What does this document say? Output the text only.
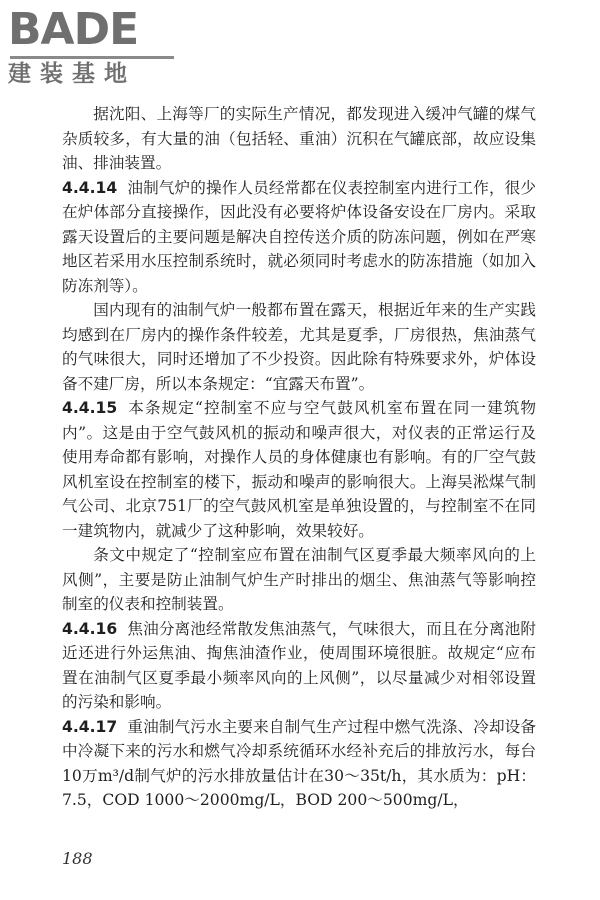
BADE
建装基地

据沈阳、上海等厂的实际生产情况，都发现进入缓冲气罐的煤气杂质较多，有大量的油（包括轻、重油）沉积在气罐底部，故应设集油、排油装置。

4.4.14 油制气炉的操作人员经常都在仪表控制室内进行工作，很少在炉体部分直接操作，因此没有必要将炉体设备安设在厂房内。采取露天设置后的主要问题是解决自控传送介质的防冻问题，例如在严寒地区若采用水压控制系统时，就必须同时考虑水的防冻措施（如加入防冻剂等）。

国内现有的油制气炉一般都布置在露天，根据近年来的生产实践均感到在厂房内的操作条件较差，尤其是夏季，厂房很热，焦油蒸气的气味很大，同时还增加了不少投资。因此除有特殊要求外，炉体设备不建厂房，所以本条规定：“宜露天布置”。

4.4.15 本条规定“控制室不应与空气鼓风机室布置在同一建筑物内”。这是由于空气鼓风机的振动和噪声很大，对仪表的正常运行及使用寿命都有影响，对操作人员的身体健康也有影响。有的厂空气鼓风机室设在控制室的楼下，振动和噪声的影响很大。上海吴淞煤气制气公司、北京751厂的空气鼓风机室是单独设置的，与控制室不在同一建筑物内，就减少了这种影响，效果较好。

条文中规定了“控制室应布置在油制气区夏季最大频率风向的上风侧”，主要是防止油制气炉生产时排出的烟尘、焦油蒸气等影响控制室的仪表和控制装置。

4.4.16 焦油分离池经常散发焦油蒸气，气味很大，而且在分离池附近还进行外运焦油、掏焦油渣作业，使周围环境很脏。故规定“应布置在油制气区夏季最小频率风向的上风侧”，以尽量减少对相邻设置的污染和影响。

4.4.17 重油制气污水主要来自制气生产过程中燃气洗涤、冷却设备中冷凝下来的污水和燃气冷却系统循环水经补充后的排放污水，每台10万m³/d制气炉的污水排放量估计在30～35t/h，其水质为：pH：7.5，COD 1000～2000mg/L，BOD 200～500mg/L，

188
